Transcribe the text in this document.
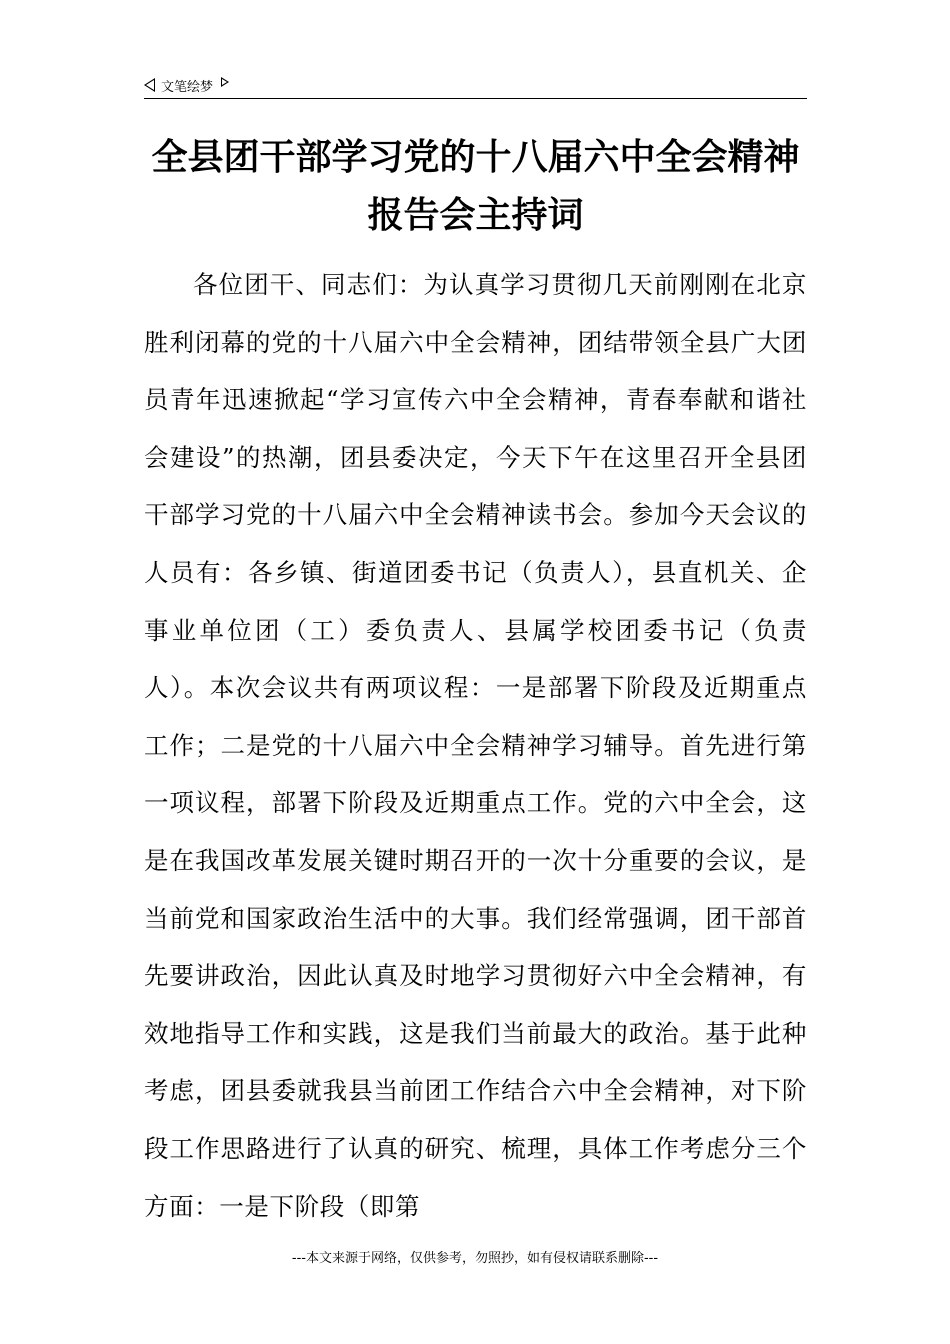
文笔绘梦
全县团干部学习党的十八届六中全会精神报告会主持词

各位团干、同志们：为认真学习贯彻几天前刚刚在北京胜利闭幕的党的十八届六中全会精神，团结带领全县广大团员青年迅速掀起“学习宣传六中全会精神，青春奉献和谐社会建设”的热潮，团县委决定，今天下午在这里召开全县团干部学习党的十八届六中全会精神读书会。参加今天会议的人员有：各乡镇、街道团委书记（负责人），县直机关、企事业单位团（工）委负责人、县属学校团委书记（负责人）。本次会议共有两项议程：一是部署下阶段及近期重点工作；二是党的十八届六中全会精神学习辅导。首先进行第一项议程，部署下阶段及近期重点工作。党的六中全会，这是在我国改革发展关键时期召开的一次十分重要的会议，是当前党和国家政治生活中的大事。我们经常强调，团干部首先要讲政治，因此认真及时地学习贯彻好六中全会精神，有效地指导工作和实践，这是我们当前最大的政治。基于此种考虑，团县委就我县当前团工作结合六中全会精神，对下阶段工作思路进行了认真的研究、梳理，具体工作考虑分三个方面：一是下阶段（即第

---本文来源于网络，仅供参考，勿照抄，如有侵权请联系删除---
